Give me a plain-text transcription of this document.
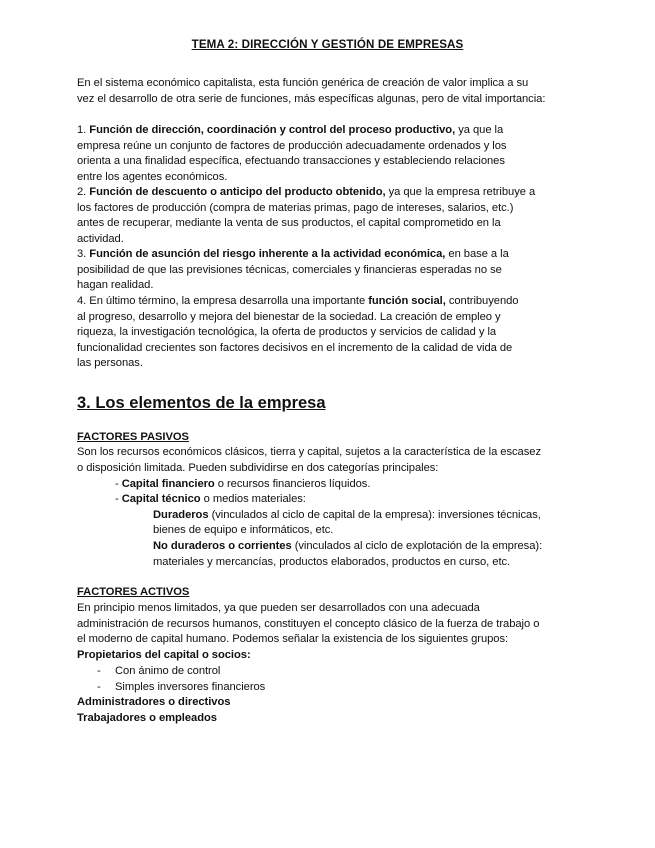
TEMA 2: DIRECCIÓN Y GESTIÓN DE EMPRESAS
En el sistema económico capitalista, esta función genérica de creación de valor implica a su
vez el desarrollo de otra serie de funciones, más específicas algunas, pero de vital importancia:
1. Función de dirección, coordinación y control del proceso productivo, ya que la
empresa reúne un conjunto de factores de producción adecuadamente ordenados y los
orienta a una finalidad específica, efectuando transacciones y estableciendo relaciones
entre los agentes económicos.
2. Función de descuento o anticipo del producto obtenido, ya que la empresa retribuye a
los factores de producción (compra de materias primas, pago de intereses, salarios, etc.)
antes de recuperar, mediante la venta de sus productos, el capital comprometido en la
actividad.
3. Función de asunción del riesgo inherente a la actividad económica, en base a la
posibilidad de que las previsiones técnicas, comerciales y financieras esperadas no se
hagan realidad.
4. En último término, la empresa desarrolla una importante función social, contribuyendo
al progreso, desarrollo y mejora del bienestar de la sociedad. La creación de empleo y
riqueza, la investigación tecnológica, la oferta de productos y servicios de calidad y la
funcionalidad crecientes son factores decisivos en el incremento de la calidad de vida de
las personas.
3. Los elementos de la empresa
FACTORES PASIVOS
Son los recursos económicos clásicos, tierra y capital, sujetos a la característica de la escasez
o disposición limitada. Pueden subdividirse en dos categorías principales:
- Capital financiero o recursos financieros líquidos.
- Capital técnico o medios materiales:
Duraderos (vinculados al ciclo de capital de la empresa): inversiones técnicas,
bienes de equipo e informáticos, etc.
No duraderos o corrientes (vinculados al ciclo de explotación de la empresa):
materiales y mercancías, productos elaborados, productos en curso, etc.
FACTORES ACTIVOS
En principio menos limitados, ya que pueden ser desarrollados con una adecuada
administración de recursos humanos, constituyen el concepto clásico de la fuerza de trabajo o
el moderno de capital humano. Podemos señalar la existencia de los siguientes grupos:
Propietarios del capital o socios:
- Con ánimo de control
- Simples inversores financieros
Administradores o directivos
Trabajadores o empleados
